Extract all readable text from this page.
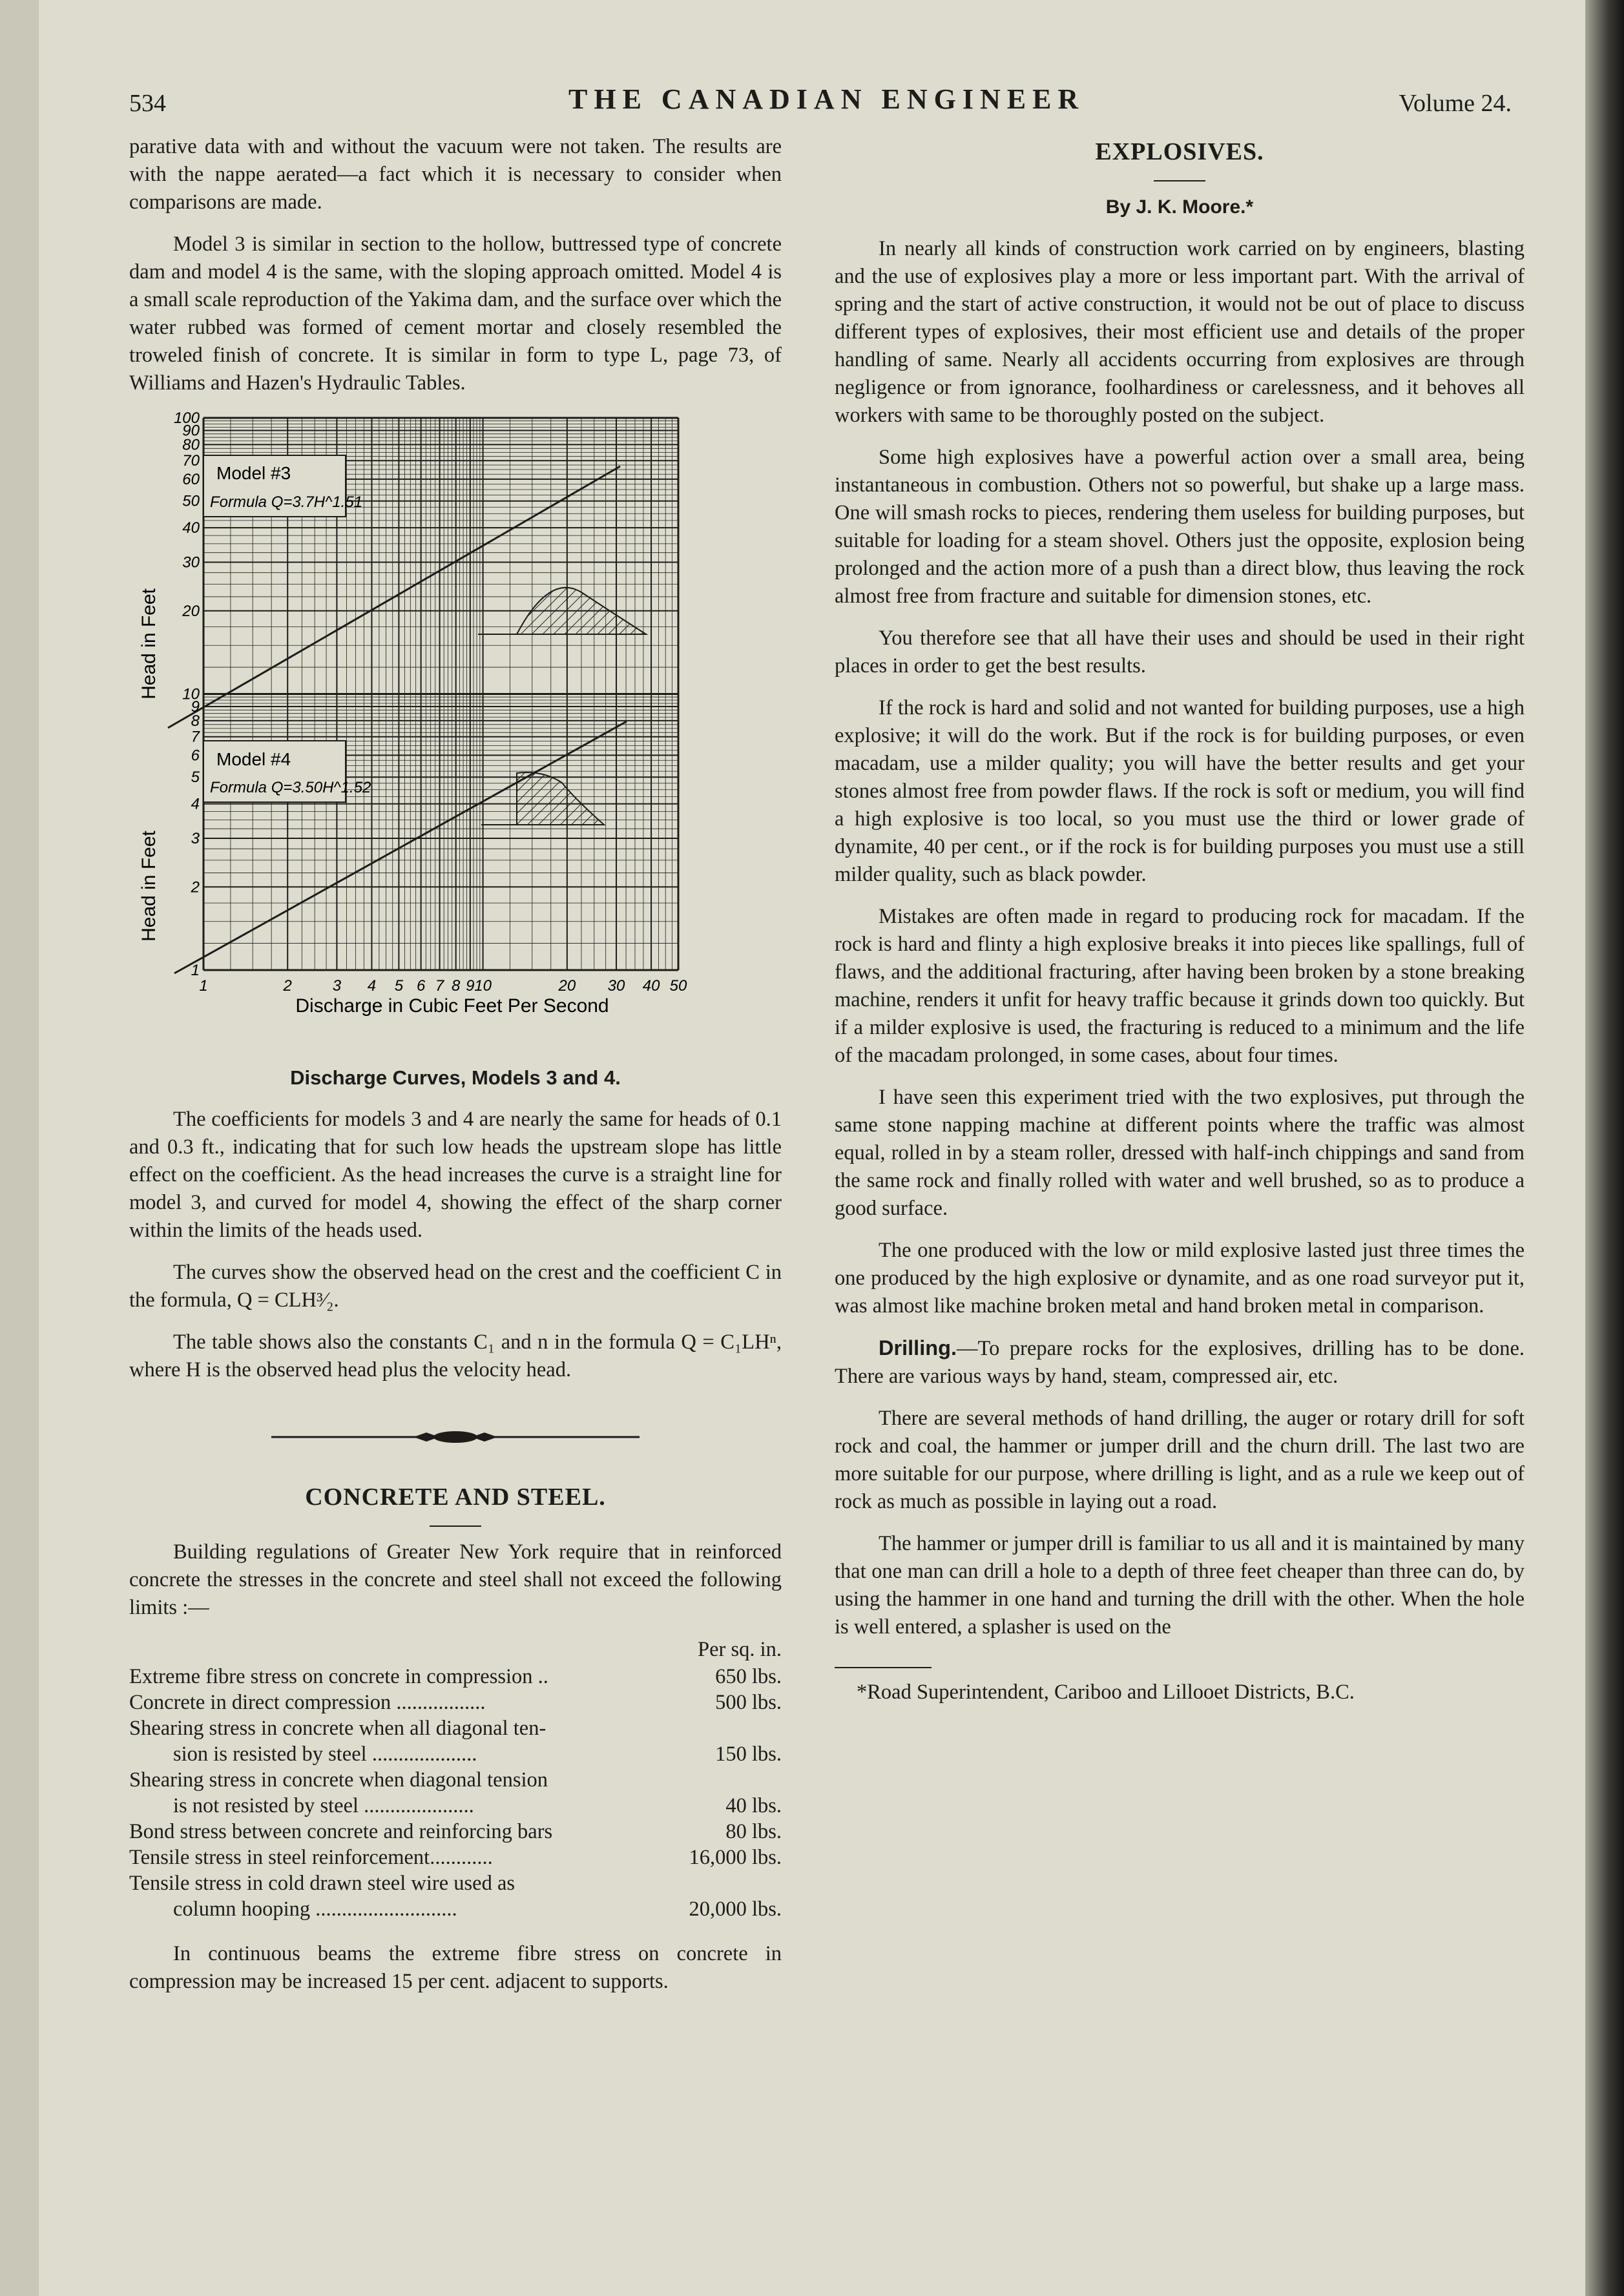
534	THE CANADIAN ENGINEER	Volume 24.

parative data with and without the vacuum were not taken. The results are with the nappe aerated—a fact which it is necessary to consider when comparisons are made.

Model 3 is similar in section to the hollow, buttressed type of concrete dam and model 4 is the same, with the sloping approach omitted. Model 4 is a small scale reproduction of the Yakima dam, and the surface over which the water rubbed was formed of cement mortar and closely resembled the troweled finish of concrete. It is similar in form to type L, page 73, of Williams and Hazen's Hydraulic Tables.

Model #3
Formula Q=3.7H^1.51
Model #4
Formula Q=3.50H^1.52
Head in Feet
Head in Feet
Discharge in Cubic Feet Per Second
1	2	3 4 5 6 7 8 9 10	20 30 40 50
100
90
80
70
60
50
40
30
20
10
9
8
7
6
5
4
3
2
1

Discharge Curves, Models 3 and 4.

The coefficients for models 3 and 4 are nearly the same for heads of 0.1 and 0.3 ft., indicating that for such low heads the upstream slope has little effect on the coefficient. As the head increases the curve is a straight line for model 3, and curved for model 4, showing the effect of the sharp corner within the limits of the heads used.

The curves show the observed head on the crest and the coefficient C in the formula, Q = CLH³⁄₂.

The table shows also the constants C₁ and n in the formula Q = C₁LHⁿ, where H is the observed head plus the velocity head.

CONCRETE AND STEEL.

Building regulations of Greater New York require that in reinforced concrete the stresses in the concrete and steel shall not exceed the following limits :—

Per sq. in.
Extreme fibre stress on concrete in compression ..	650 lbs.
Concrete in direct compression .................	500 lbs.
Shearing stress in concrete when all diagonal ten-	
sion is resisted by steel ....................	150 lbs.
Shearing stress in concrete when diagonal tension	
is not resisted by steel .....................	40 lbs.
Bond stress between concrete and reinforcing bars	80 lbs.
Tensile stress in steel reinforcement............	16,000 lbs.
Tensile stress in cold drawn steel wire used as	
column hooping ...........................	20,000 lbs.

In continuous beams the extreme fibre stress on concrete in compression may be increased 15 per cent. adjacent to supports.

EXPLOSIVES.

By J. K. Moore.*

In nearly all kinds of construction work carried on by engineers, blasting and the use of explosives play a more or less important part. With the arrival of spring and the start of active construction, it would not be out of place to discuss different types of explosives, their most efficient use and details of the proper handling of same. Nearly all accidents occurring from explosives are through negligence or from ignorance, foolhardiness or carelessness, and it behoves all workers with same to be thoroughly posted on the subject.

Some high explosives have a powerful action over a small area, being instantaneous in combustion. Others not so powerful, but shake up a large mass. One will smash rocks to pieces, rendering them useless for building purposes, but suitable for loading for a steam shovel. Others just the opposite, explosion being prolonged and the action more of a push than a direct blow, thus leaving the rock almost free from fracture and suitable for dimension stones, etc.

You therefore see that all have their uses and should be used in their right places in order to get the best results.

If the rock is hard and solid and not wanted for building purposes, use a high explosive; it will do the work. But if the rock is for building purposes, or even macadam, use a milder quality; you will have the better results and get your stones almost free from powder flaws. If the rock is soft or medium, you will find a high explosive is too local, so you must use the third or lower grade of dynamite, 40 per cent., or if the rock is for building purposes you must use a still milder quality, such as black powder.

Mistakes are often made in regard to producing rock for macadam. If the rock is hard and flinty a high explosive breaks it into pieces like spallings, full of flaws, and the additional fracturing, after having been broken by a stone breaking machine, renders it unfit for heavy traffic because it grinds down too quickly. But if a milder explosive is used, the fracturing is reduced to a minimum and the life of the macadam prolonged, in some cases, about four times.

I have seen this experiment tried with the two explosives, put through the same stone napping machine at different points where the traffic was almost equal, rolled in by a steam roller, dressed with half-inch chippings and sand from the same rock and finally rolled with water and well brushed, so as to produce a good surface.

The one produced with the low or mild explosive lasted just three times the one produced by the high explosive or dynamite, and as one road surveyor put it, was almost like machine broken metal and hand broken metal in comparison.

Drilling.—To prepare rocks for the explosives, drilling has to be done. There are various ways by hand, steam, compressed air, etc.

There are several methods of hand drilling, the auger or rotary drill for soft rock and coal, the hammer or jumper drill and the churn drill. The last two are more suitable for our purpose, where drilling is light, and as a rule we keep out of rock as much as possible in laying out a road.

The hammer or jumper drill is familiar to us all and it is maintained by many that one man can drill a hole to a depth of three feet cheaper than three can do, by using the hammer in one hand and turning the drill with the other. When the hole is well entered, a splasher is used on the

*Road Superintendent, Cariboo and Lillooet Districts, B.C.
